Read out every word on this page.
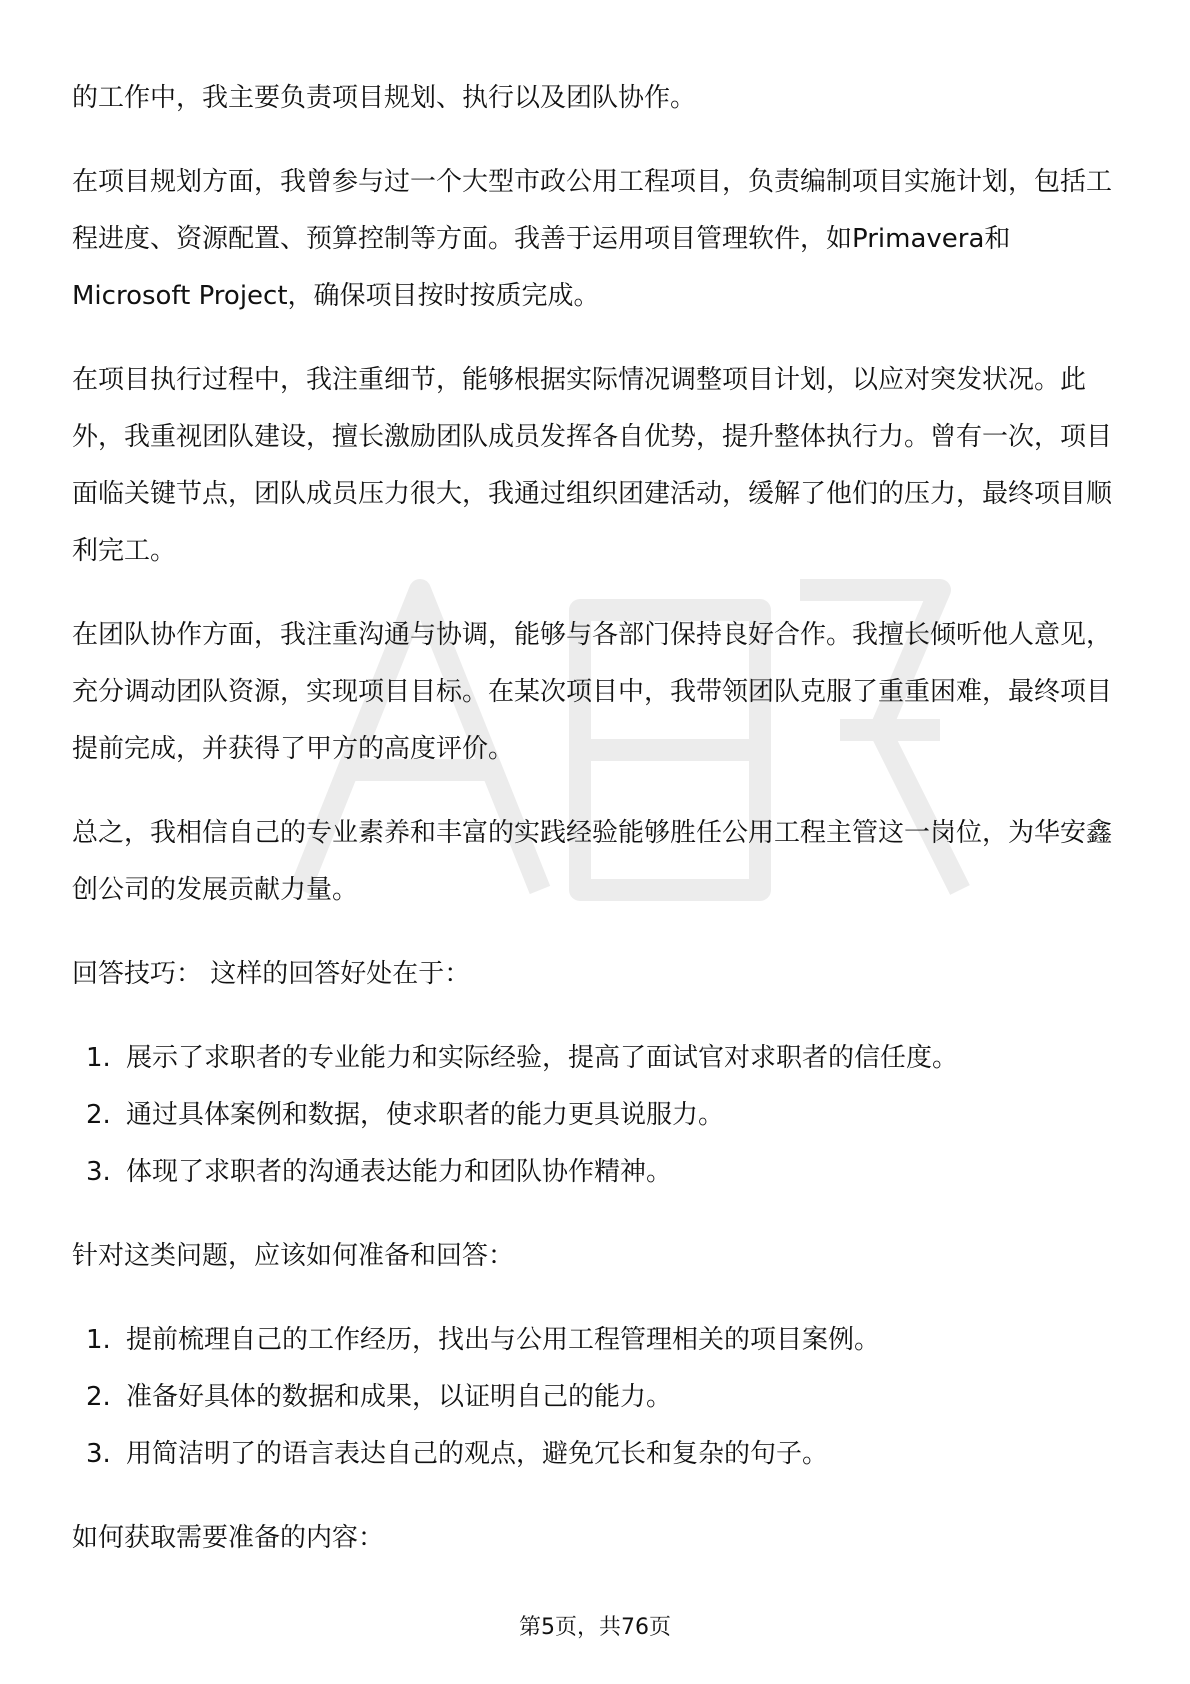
的工作中，我主要负责项目规划、执行以及团队协作。

在项目规划方面，我曾参与过一个大型市政公用工程项目，负责编制项目实施计划，包括工程进度、资源配置、预算控制等方面。我善于运用项目管理软件，如Primavera和Microsoft Project，确保项目按时按质完成。

在项目执行过程中，我注重细节，能够根据实际情况调整项目计划，以应对突发状况。此外，我重视团队建设，擅长激励团队成员发挥各自优势，提升整体执行力。曾有一次，项目面临关键节点，团队成员压力很大，我通过组织团建活动，缓解了他们的压力，最终项目顺利完工。

在团队协作方面，我注重沟通与协调，能够与各部门保持良好合作。我擅长倾听他人意见，充分调动团队资源，实现项目目标。在某次项目中，我带领团队克服了重重困难，最终项目提前完成，并获得了甲方的高度评价。

总之，我相信自己的专业素养和丰富的实践经验能够胜任公用工程主管这一岗位，为华安鑫创公司的发展贡献力量。

回答技巧： 这样的回答好处在于：

1. 展示了求职者的专业能力和实际经验，提高了面试官对求职者的信任度。
2. 通过具体案例和数据，使求职者的能力更具说服力。
3. 体现了求职者的沟通表达能力和团队协作精神。

针对这类问题，应该如何准备和回答：

1. 提前梳理自己的工作经历，找出与公用工程管理相关的项目案例。
2. 准备好具体的数据和成果，以证明自己的能力。
3. 用简洁明了的语言表达自己的观点，避免冗长和复杂的句子。

如何获取需要准备的内容：

第5页，共76页
